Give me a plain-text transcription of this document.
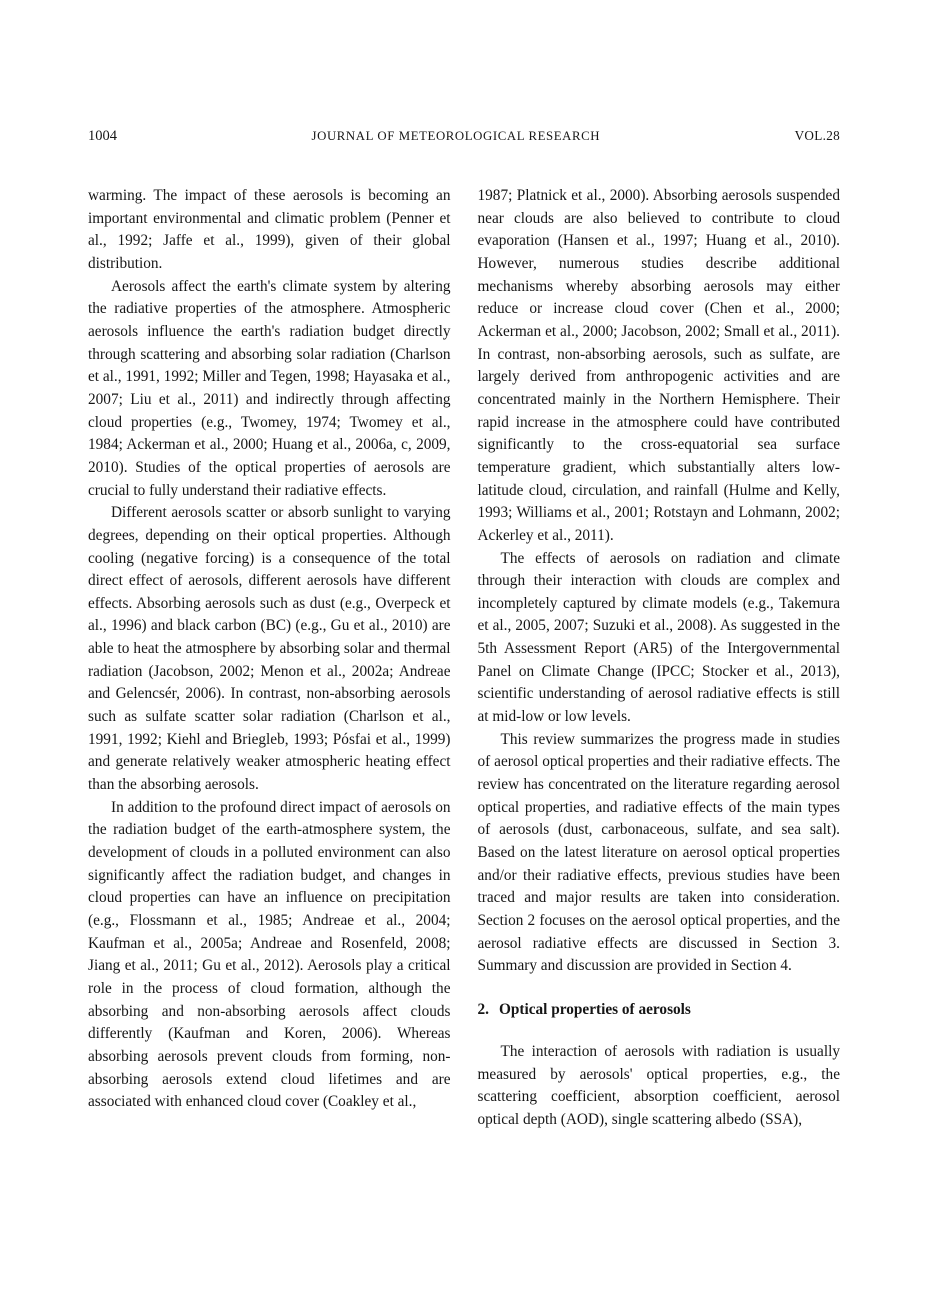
1004	JOURNAL OF METEOROLOGICAL RESEARCH	VOL.28

warming. The impact of these aerosols is becoming an important environmental and climatic problem (Penner et al., 1992; Jaffe et al., 1999), given of their global distribution.

Aerosols affect the earth's climate system by altering the radiative properties of the atmosphere. Atmospheric aerosols influence the earth's radiation budget directly through scattering and absorbing solar radiation (Charlson et al., 1991, 1992; Miller and Tegen, 1998; Hayasaka et al., 2007; Liu et al., 2011) and indirectly through affecting cloud properties (e.g., Twomey, 1974; Twomey et al., 1984; Ackerman et al., 2000; Huang et al., 2006a, c, 2009, 2010). Studies of the optical properties of aerosols are crucial to fully understand their radiative effects.

Different aerosols scatter or absorb sunlight to varying degrees, depending on their optical properties. Although cooling (negative forcing) is a consequence of the total direct effect of aerosols, different aerosols have different effects. Absorbing aerosols such as dust (e.g., Overpeck et al., 1996) and black carbon (BC) (e.g., Gu et al., 2010) are able to heat the atmosphere by absorbing solar and thermal radiation (Jacobson, 2002; Menon et al., 2002a; Andreae and Gelencsér, 2006). In contrast, non-absorbing aerosols such as sulfate scatter solar radiation (Charlson et al., 1991, 1992; Kiehl and Briegleb, 1993; Pósfai et al., 1999) and generate relatively weaker atmospheric heating effect than the absorbing aerosols.

In addition to the profound direct impact of aerosols on the radiation budget of the earth-atmosphere system, the development of clouds in a polluted environment can also significantly affect the radiation budget, and changes in cloud properties can have an influence on precipitation (e.g., Flossmann et al., 1985; Andreae et al., 2004; Kaufman et al., 2005a; Andreae and Rosenfeld, 2008; Jiang et al., 2011; Gu et al., 2012). Aerosols play a critical role in the process of cloud formation, although the absorbing and non-absorbing aerosols affect clouds differently (Kaufman and Koren, 2006). Whereas absorbing aerosols prevent clouds from forming, non-absorbing aerosols extend cloud lifetimes and are associated with enhanced cloud cover (Coakley et al.,

1987; Platnick et al., 2000). Absorbing aerosols suspended near clouds are also believed to contribute to cloud evaporation (Hansen et al., 1997; Huang et al., 2010). However, numerous studies describe additional mechanisms whereby absorbing aerosols may either reduce or increase cloud cover (Chen et al., 2000; Ackerman et al., 2000; Jacobson, 2002; Small et al., 2011). In contrast, non-absorbing aerosols, such as sulfate, are largely derived from anthropogenic activities and are concentrated mainly in the Northern Hemisphere. Their rapid increase in the atmosphere could have contributed significantly to the cross-equatorial sea surface temperature gradient, which substantially alters low-latitude cloud, circulation, and rainfall (Hulme and Kelly, 1993; Williams et al., 2001; Rotstayn and Lohmann, 2002; Ackerley et al., 2011).

The effects of aerosols on radiation and climate through their interaction with clouds are complex and incompletely captured by climate models (e.g., Takemura et al., 2005, 2007; Suzuki et al., 2008). As suggested in the 5th Assessment Report (AR5) of the Intergovernmental Panel on Climate Change (IPCC; Stocker et al., 2013), scientific understanding of aerosol radiative effects is still at mid-low or low levels.

This review summarizes the progress made in studies of aerosol optical properties and their radiative effects. The review has concentrated on the literature regarding aerosol optical properties, and radiative effects of the main types of aerosols (dust, carbonaceous, sulfate, and sea salt). Based on the latest literature on aerosol optical properties and/or their radiative effects, previous studies have been traced and major results are taken into consideration. Section 2 focuses on the aerosol optical properties, and the aerosol radiative effects are discussed in Section 3. Summary and discussion are provided in Section 4.

2. Optical properties of aerosols

The interaction of aerosols with radiation is usually measured by aerosols' optical properties, e.g., the scattering coefficient, absorption coefficient, aerosol optical depth (AOD), single scattering albedo (SSA),
